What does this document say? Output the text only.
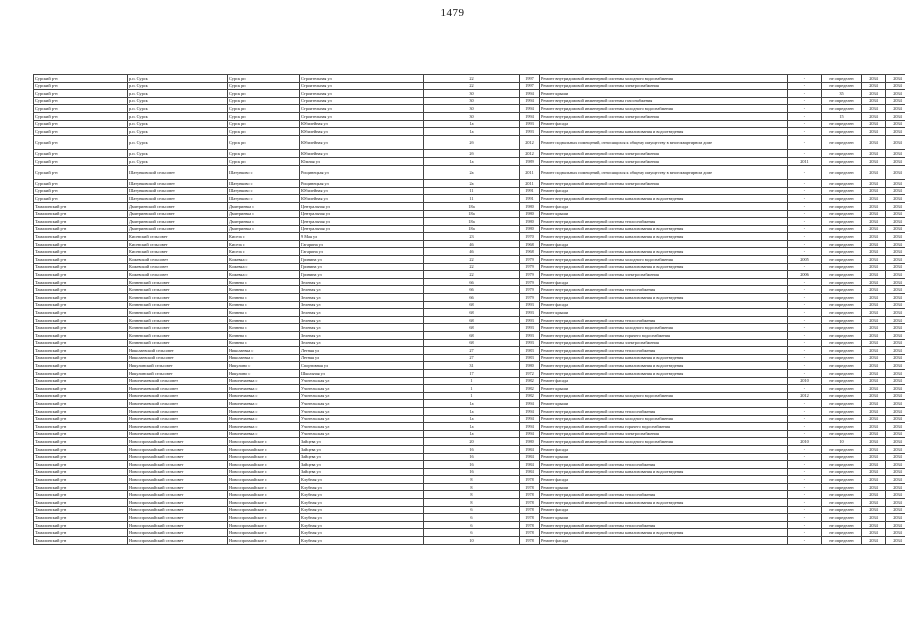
1479
Сурский р-н	р.п. Сурск	Сурск рп	Строительная ул	22	1997	Ремонт внутридомовой инженерной системы холодного водоснабжения	-	не определен	2034	2034
Сурский р-н	р.п. Сурск	Сурск рп	Строительная ул	22	1997	Ремонт внутридомовой инженерной системы электроснабжения	-	не определен	2034	2034
Сурский р-н	р.п. Сурск	Сурск рп	Строительная ул	30	1994	Ремонт крыши	-	35	2034	2034
Сурский р-н	р.п. Сурск	Сурск рп	Строительная ул	30	1994	Ремонт внутридомовой инженерной системы газоснабжения	-	не определен	2034	2034
Сурский р-н	р.п. Сурск	Сурск рп	Строительная ул	30	1994	Ремонт внутридомовой инженерной системы холодного водоснабжения	-	не определен	2034	2034
Сурский р-н	р.п. Сурск	Сурск рп	Строительная ул	30	1994	Ремонт внутридомовой инженерной системы электроснабжения	-	15	2034	2034
Сурский р-н	р.п. Сурск	Сурск рп	Юбилейная ул	1а	1993	Ремонт фасада	-	не определен	2034	2034
Сурский р-н	р.п. Сурск	Сурск рп	Юбилейная ул	1а	1993	Ремонт внутридомовой инженерной системы канализования и водоотведения	-	не определен	2034	2034
Сурский р-н	р.п. Сурск	Сурск рп	Юбилейная ул	2б	2012	Ремонт подвальных помещений, относящихся к общему имуществу в многоквартирном доме	-	не определен	2034	2034
Сурский р-н	р.п. Сурск	Сурск рп	Юбилейная ул	2б	2012	Ремонт внутридомовой инженерной системы электроснабжения	-	не определен	2034	2034
Сурский р-н	р.п. Сурск	Сурск рп	Южная ул	1а	1989	Ремонт внутридомовой инженерной системы электроснабжения	2011	не определен	2034	2034
Сурский р-н	Шатунковский сельсовет	Шатунково с	Рощинецкая ул	2а	2011	Ремонт подвальных помещений, относящихся к общему имуществу в многоквартирном доме	-	не определен	2034	2034
Сурский р-н	Шатунковский сельсовет	Шатунково с	Рощинецкая ул	2а	2011	Ремонт внутридомовой инженерной системы электроснабжения	-	не определен	2034	2034
Сурский р-н	Шатунковский сельсовет	Шатунково с	Юбилейная ул	11	1991	Ремонт фасада	-	не определен	2034	2034
Сурский р-н	Шатунковский сельсовет	Шатунково с	Юбилейная ул	11	1991	Ремонт внутридомовой инженерной системы канализования и водоотведения	-	не определен	2034	2034
Тамалинский р-н	Дмитриевский сельсовет	Дмитриевка с	Центральная ул	18а	1980	Ремонт фасада	-	не определен	2034	2034
Тамалинский р-н	Дмитриевский сельсовет	Дмитриевка с	Центральная ул	18а	1980	Ремонт крыши	-	не определен	2034	2034
Тамалинский р-н	Дмитриевский сельсовет	Дмитриевка с	Центральная ул	18а	1980	Ремонт внутридомовой инженерной системы теплоснабжения	-	не определен	2034	2034
Тамалинский р-н	Дмитриевский сельсовет	Дмитриевка с	Центральная ул	18а	1980	Ремонт внутридомовой инженерной системы канализования и водоотведения	-	не определен	2034	2034
Тамалинский р-н	Кисевский сельсовет	Кисеза с	9 Мая ул	23	1970	Ремонт внутридомовой инженерной системы канализования и водоотведения	-	не определен	2034	2034
Тамалинский р-н	Кисевский сельсовет	Кисеза с	Гагарина ул	46	1968	Ремонт фасада	-	не определен	2034	2034
Тамалинский р-н	Кисевский сельсовет	Кисеза с	Гагарина ул	46	1968	Ремонт внутридомовой инженерной системы канализования и водоотведения	-	не определен	2034	2034
Тамалинский р-н	Кожевский сельсовет	Кожевка с	Гринина ул	22	1979	Ремонт внутридомовой инженерной системы холодного водоснабжения	2005	не определен	2034	2034
Тамалинский р-н	Кожевский сельсовет	Кожевка с	Гринина ул	22	1979	Ремонт внутридомовой инженерной системы канализования и водоотведения	-	не определен	2034	2034
Тамалинский р-н	Кожевский сельсовет	Кожевка с	Гринина ул	22	1979	Ремонт внутридомовой инженерной системы электроснабжения	2006	не определен	2034	2034
Тамалинский р-н	Кочневский сельсовет	Кочнева с	Зеленая ул	66	1979	Ремонт фасада	-	не определен	2034	2034
Тамалинский р-н	Кочневский сельсовет	Кочнева с	Зеленая ул	66	1979	Ремонт внутридомовой инженерной системы теплоснабжения	-	не определен	2034	2034
Тамалинский р-н	Кочневский сельсовет	Кочнева с	Зеленая ул	66	1979	Ремонт внутридомовой инженерной системы канализования и водоотведения	-	не определен	2034	2034
Тамалинский р-н	Кочневский сельсовет	Кочнева с	Зеленая ул	68	1993	Ремонт фасада	-	не определен	2034	2034
Тамалинский р-н	Кочневский сельсовет	Кочнева с	Зеленая ул	68	1993	Ремонт крыши	-	не определен	2034	2034
Тамалинский р-н	Кочневский сельсовет	Кочнева с	Зеленая ул	68	1993	Ремонт внутридомовой инженерной системы теплоснабжения	-	не определен	2034	2034
Тамалинский р-н	Кочневский сельсовет	Кочнева с	Зеленая ул	68	1993	Ремонт внутридомовой инженерной системы холодного водоснабжения	-	не определен	2034	2034
Тамалинский р-н	Кочневский сельсовет	Кочнева с	Зеленая ул	68	1993	Ремонт внутридомовой инженерной системы горячего водоснабжения	-	не определен	2034	2034
Тамалинский р-н	Кочневский сельсовет	Кочнева с	Зеленая ул	68	1993	Ремонт внутридомовой инженерной системы электроснабжения	-	не определен	2034	2034
Тамалинский р-н	Николаевский сельсовет	Николаевка с	Летняя ул	27	1983	Ремонт внутридомовой инженерной системы теплоснабжения	-	не определен	2034	2034
Тамалинский р-н	Николаевский сельсовет	Николаевка с	Летняя ул	27	1983	Ремонт внутридомовой инженерной системы канализования и водоотведения	-	не определен	2034	2034
Тамалинский р-н	Никулинский сельсовет	Никулино с	Спортивная ул	31	1980	Ремонт внутридомовой инженерной системы канализования и водоотведения	-	не определен	2034	2034
Тамалинский р-н	Никулинский сельсовет	Никулино с	Школьная ул	17	1972	Ремонт внутридомовой инженерной системы канализования и водоотведения	-	не определен	2034	2034
Тамалинский р-н	Новонечаевский сельсовет	Новонечаевка с	Учительская ул	1	1982	Ремонт фасада	2010	не определен	2034	2034
Тамалинский р-н	Новонечаевский сельсовет	Новонечаевка с	Учительская ул	1	1982	Ремонт крыши	-	не определен	2034	2034
Тамалинский р-н	Новонечаевский сельсовет	Новонечаевка с	Учительская ул	1	1982	Ремонт внутридомовой инженерной системы холодного водоснабжения	2012	не определен	2034	2034
Тамалинский р-н	Новонечаевский сельсовет	Новонечаевка с	Учительская ул	1а	1994	Ремонт крыши	-	не определен	2034	2034
Тамалинский р-н	Новонечаевский сельсовет	Новонечаевка с	Учительская ул	1а	1994	Ремонт внутридомовой инженерной системы теплоснабжения	-	не определен	2034	2034
Тамалинский р-н	Новонечаевский сельсовет	Новонечаевка с	Учительская ул	1а	1994	Ремонт внутридомовой инженерной системы холодного водоснабжения	-	не определен	2034	2034
Тамалинский р-н	Новонечаевский сельсовет	Новонечаевка с	Учительская ул	1а	1994	Ремонт внутридомовой инженерной системы горячего водоснабжения	-	не определен	2034	2034
Тамалинский р-н	Новонечаевский сельсовет	Новонечаевка с	Учительская ул	1а	1994	Ремонт внутридомовой инженерной системы электроснабжения	-	не определен	2034	2034
Тамалинский р-н	Новоспрохмайский сельсовет	Новоспрохмайское с	Зайцева ул	20	1980	Ремонт внутридомовой инженерной системы холодного водоснабжения	2010	10	2034	2034
Тамалинский р-н	Новоспрохмайский сельсовет	Новоспрохмайское с	Зайцева ул	16	1984	Ремонт фасада	-	не определен	2034	2034
Тамалинский р-н	Новоспрохмайский сельсовет	Новоспрохмайское с	Зайцева ул	16	1984	Ремонт крыши	-	не определен	2034	2034
Тамалинский р-н	Новоспрохмайский сельсовет	Новоспрохмайское с	Зайцева ул	16	1984	Ремонт внутридомовой инженерной системы теплоснабжения	-	не определен	2034	2034
Тамалинский р-н	Новоспрохмайский сельсовет	Новоспрохмайское с	Зайцева ул	16	1984	Ремонт внутридомовой инженерной системы канализования и водоотведения	-	не определен	2034	2034
Тамалинский р-н	Новоспрохмайский сельсовет	Новоспрохмайское с	Клубная ул	8	1978	Ремонт фасада	-	не определен	2034	2034
Тамалинский р-н	Новоспрохмайский сельсовет	Новоспрохмайское с	Клубная ул	8	1978	Ремонт крыши	-	не определен	2034	2034
Тамалинский р-н	Новоспрохмайский сельсовет	Новоспрохмайское с	Клубная ул	8	1978	Ремонт внутридомовой инженерной системы теплоснабжения	-	не определен	2034	2034
Тамалинский р-н	Новоспрохмайский сельсовет	Новоспрохмайское с	Клубная ул	8	1978	Ремонт внутридомовой инженерной системы канализования и водоотведения	-	не определен	2034	2034
Тамалинский р-н	Новоспрохмайский сельсовет	Новоспрохмайское с	Клубная ул	6	1978	Ремонт фасада	-	не определен	2034	2034
Тамалинский р-н	Новоспрохмайский сельсовет	Новоспрохмайское с	Клубная ул	6	1978	Ремонт крыши	-	не определен	2034	2034
Тамалинский р-н	Новоспрохмайский сельсовет	Новоспрохмайское с	Клубная ул	6	1978	Ремонт внутридомовой инженерной системы теплоснабжения	-	не определен	2034	2034
Тамалинский р-н	Новоспрохмайский сельсовет	Новоспрохмайское с	Клубная ул	6	1978	Ремонт внутридомовой инженерной системы канализования и водоотведения	-	не определен	2034	2034
Тамалинский р-н	Новоспрохмайский сельсовет	Новоспрохмайское с	Клубная ул	10	1978	Ремонт фасада	-	не определен	2034	2034
